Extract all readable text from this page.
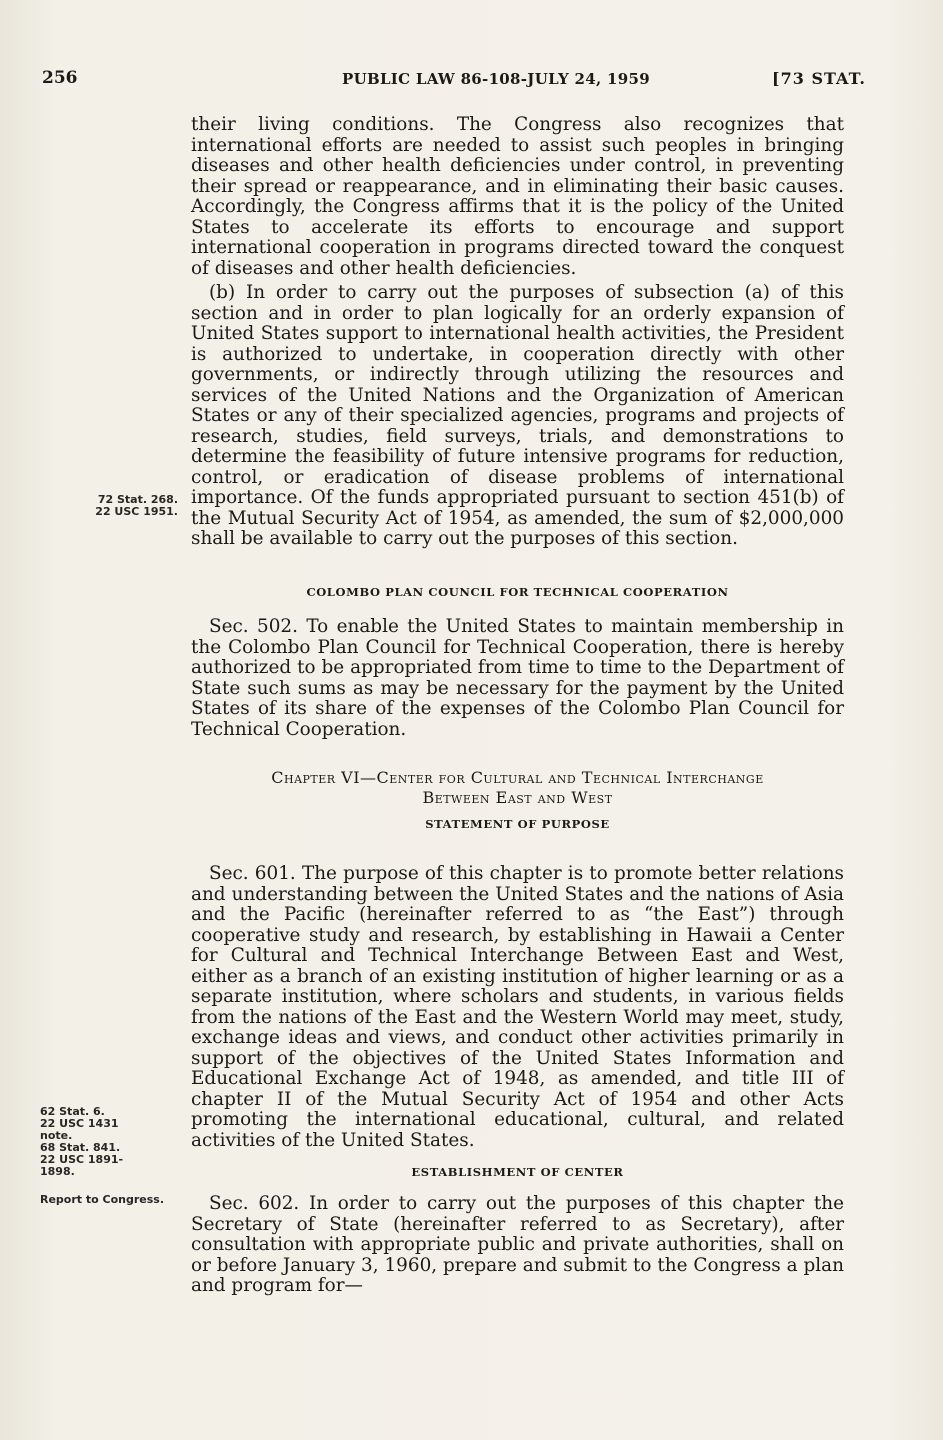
256	PUBLIC LAW 86-108-JULY 24, 1959	[73 STAT.
their living conditions. The Congress also recognizes that international efforts are needed to assist such peoples in bringing diseases and other health deficiencies under control, in preventing their spread or reappearance, and in eliminating their basic causes. Accordingly, the Congress affirms that it is the policy of the United States to accelerate its efforts to encourage and support international cooperation in programs directed toward the conquest of diseases and other health deficiencies.
(b) In order to carry out the purposes of subsection (a) of this section and in order to plan logically for an orderly expansion of United States support to international health activities, the President is authorized to undertake, in cooperation directly with other governments, or indirectly through utilizing the resources and services of the United Nations and the Organization of American States or any of their specialized agencies, programs and projects of research, studies, field surveys, trials, and demonstrations to determine the feasibility of future intensive programs for reduction, control, or eradication of disease problems of international importance. Of the funds appropriated pursuant to section 451(b) of the Mutual Security Act of 1954, as amended, the sum of $2,000,000 shall be available to carry out the purposes of this section.
72 Stat. 268.
22 USC 1951.
COLOMBO PLAN COUNCIL FOR TECHNICAL COOPERATION
Sec. 502. To enable the United States to maintain membership in the Colombo Plan Council for Technical Cooperation, there is hereby authorized to be appropriated from time to time to the Department of State such sums as may be necessary for the payment by the United States of its share of the expenses of the Colombo Plan Council for Technical Cooperation.
Chapter VI—Center for Cultural and Technical Interchange
Between East and West
STATEMENT OF PURPOSE
Sec. 601. The purpose of this chapter is to promote better relations and understanding between the United States and the nations of Asia and the Pacific (hereinafter referred to as “the East”) through cooperative study and research, by establishing in Hawaii a Center for Cultural and Technical Interchange Between East and West, either as a branch of an existing institution of higher learning or as a separate institution, where scholars and students, in various fields from the nations of the East and the Western World may meet, study, exchange ideas and views, and conduct other activities primarily in support of the objectives of the United States Information and Educational Exchange Act of 1948, as amended, and title III of chapter II of the Mutual Security Act of 1954 and other Acts promoting the international educational, cultural, and related activities of the United States.
62 Stat. 6.
22 USC 1431
note.
68 Stat. 841.
22 USC 1891-
1898.	ESTABLISHMENT OF CENTER
Report to Congress.	Sec. 602. In order to carry out the purposes of this chapter the Secretary of State (hereinafter referred to as Secretary), after consultation with appropriate public and private authorities, shall on or before January 3, 1960, prepare and submit to the Congress a plan and program for—
